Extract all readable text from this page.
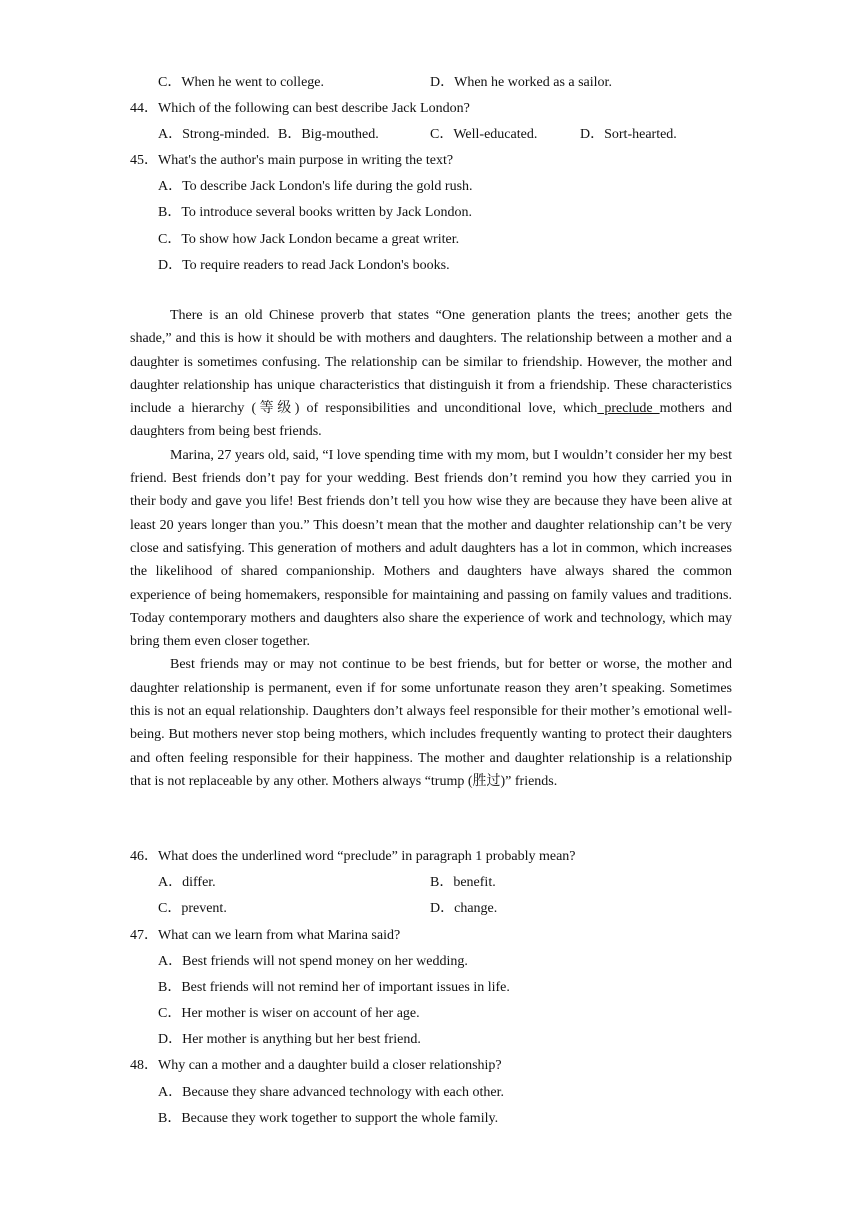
C．When he went to college.	D．When he worked as a sailor.
44．Which of the following can best describe Jack London?
A．Strong-minded. B．Big-mouthed.	C．Well-educated.	D．Sort-hearted.
45．What's the author's main purpose in writing the text?
A．To describe Jack London's life during the gold rush.
B．To introduce several books written by Jack London.
C．To show how Jack London became a great writer.
D．To require readers to read Jack London's books.

There is an old Chinese proverb that states “One generation plants the trees; another gets the shade,” and this is how it should be with mothers and daughters. The relationship between a mother and a daughter is sometimes confusing. The relationship can be similar to friendship. However, the mother and daughter relationship has unique characteristics that distinguish it from a friendship. These characteristics include a hierarchy (等级) of responsibilities and unconditional love, which preclude mothers and daughters from being best friends.

Marina, 27 years old, said, “I love spending time with my mom, but I wouldn’t consider her my best friend. Best friends don’t pay for your wedding. Best friends don’t remind you how they carried you in their body and gave you life! Best friends don’t tell you how wise they are because they have been alive at least 20 years longer than you.” This doesn’t mean that the mother and daughter relationship can’t be very close and satisfying. This generation of mothers and adult daughters has a lot in common, which increases the likelihood of shared companionship. Mothers and daughters have always shared the common experience of being homemakers, responsible for maintaining and passing on family values and traditions. Today contemporary mothers and daughters also share the experience of work and technology, which may bring them even closer together.

Best friends may or may not continue to be best friends, but for better or worse, the mother and daughter relationship is permanent, even if for some unfortunate reason they aren’t speaking. Sometimes this is not an equal relationship. Daughters don’t always feel responsible for their mother’s emotional well-being. But mothers never stop being mothers, which includes frequently wanting to protect their daughters and often feeling responsible for their happiness. The mother and daughter relationship is a relationship that is not replaceable by any other. Mothers always “trump (胜过)” friends.

46．What does the underlined word “preclude” in paragraph 1 probably mean?
A．differ.	B．benefit.
C．prevent.	D．change.
47．What can we learn from what Marina said?
A．Best friends will not spend money on her wedding.
B．Best friends will not remind her of important issues in life.
C．Her mother is wiser on account of her age.
D．Her mother is anything but her best friend.
48．Why can a mother and a daughter build a closer relationship?
A．Because they share advanced technology with each other.
B．Because they work together to support the whole family.
